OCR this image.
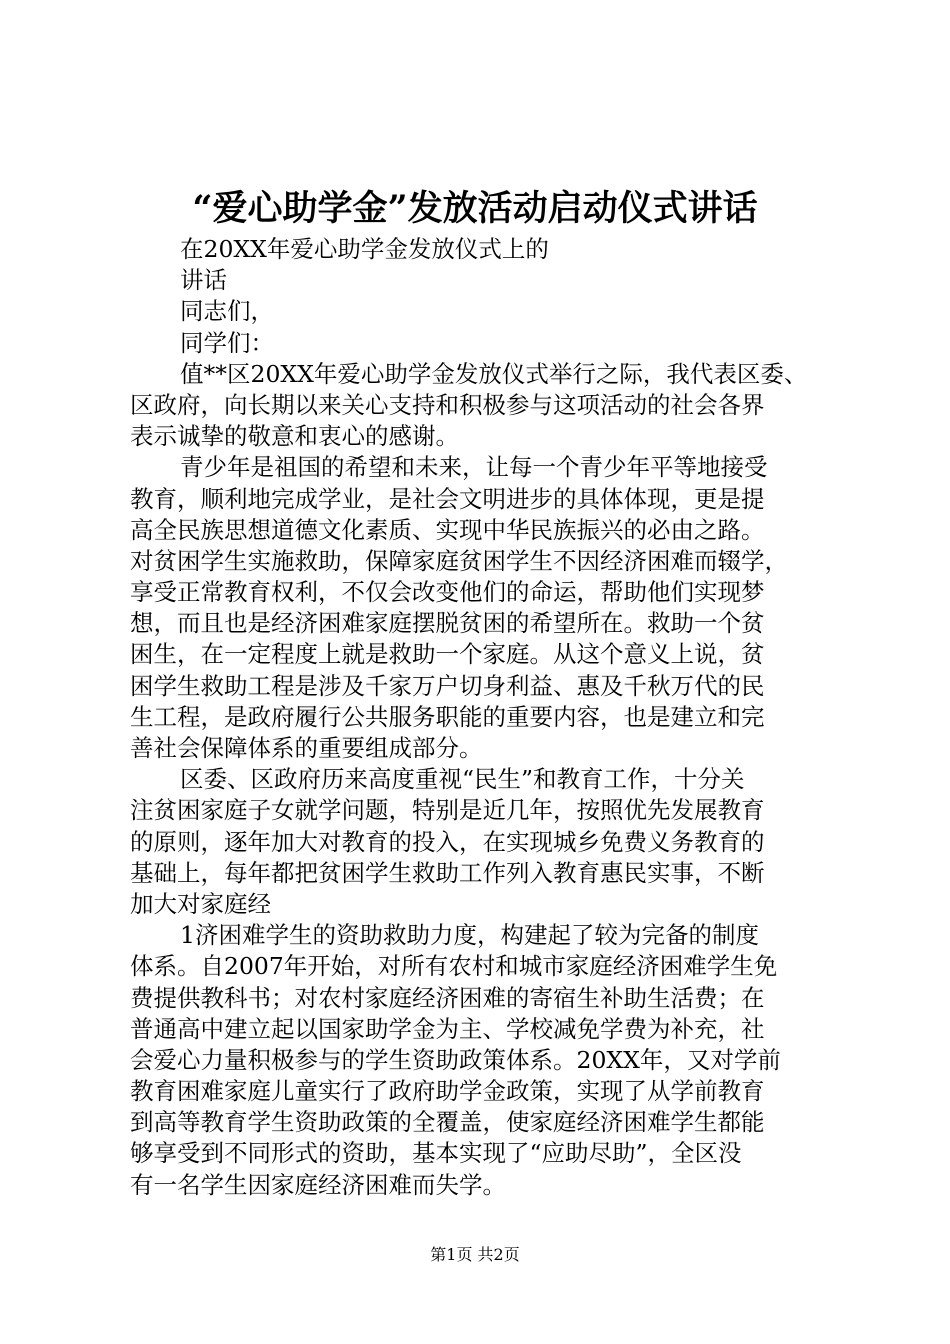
“爱心助学金”发放活动启动仪式讲话
在20XX年爱心助学金发放仪式上的
讲话
同志们，
同学们：
值**区20XX年爱心助学金发放仪式举行之际，我代表区委、
区政府，向长期以来关心支持和积极参与这项活动的社会各界
表示诚挚的敬意和衷心的感谢。
青少年是祖国的希望和未来，让每一个青少年平等地接受
教育，顺利地完成学业，是社会文明进步的具体体现，更是提
高全民族思想道德文化素质、实现中华民族振兴的必由之路。
对贫困学生实施救助，保障家庭贫困学生不因经济困难而辍学，
享受正常教育权利，不仅会改变他们的命运，帮助他们实现梦
想，而且也是经济困难家庭摆脱贫困的希望所在。救助一个贫
困生，在一定程度上就是救助一个家庭。从这个意义上说，贫
困学生救助工程是涉及千家万户切身利益、惠及千秋万代的民
生工程，是政府履行公共服务职能的重要内容，也是建立和完
善社会保障体系的重要组成部分。
区委、区政府历来高度重视“民生”和教育工作，十分关
注贫困家庭子女就学问题，特别是近几年，按照优先发展教育
的原则，逐年加大对教育的投入，在实现城乡免费义务教育的
基础上，每年都把贫困学生救助工作列入教育惠民实事，不断
加大对家庭经
1济困难学生的资助救助力度，构建起了较为完备的制度
体系。自2007年开始，对所有农村和城市家庭经济困难学生免
费提供教科书；对农村家庭经济困难的寄宿生补助生活费；在
普通高中建立起以国家助学金为主、学校减免学费为补充，社
会爱心力量积极参与的学生资助政策体系。20XX年，又对学前
教育困难家庭儿童实行了政府助学金政策，实现了从学前教育
到高等教育学生资助政策的全覆盖，使家庭经济困难学生都能
够享受到不同形式的资助，基本实现了“应助尽助”，全区没
有一名学生因家庭经济困难而失学。
第1页 共2页
